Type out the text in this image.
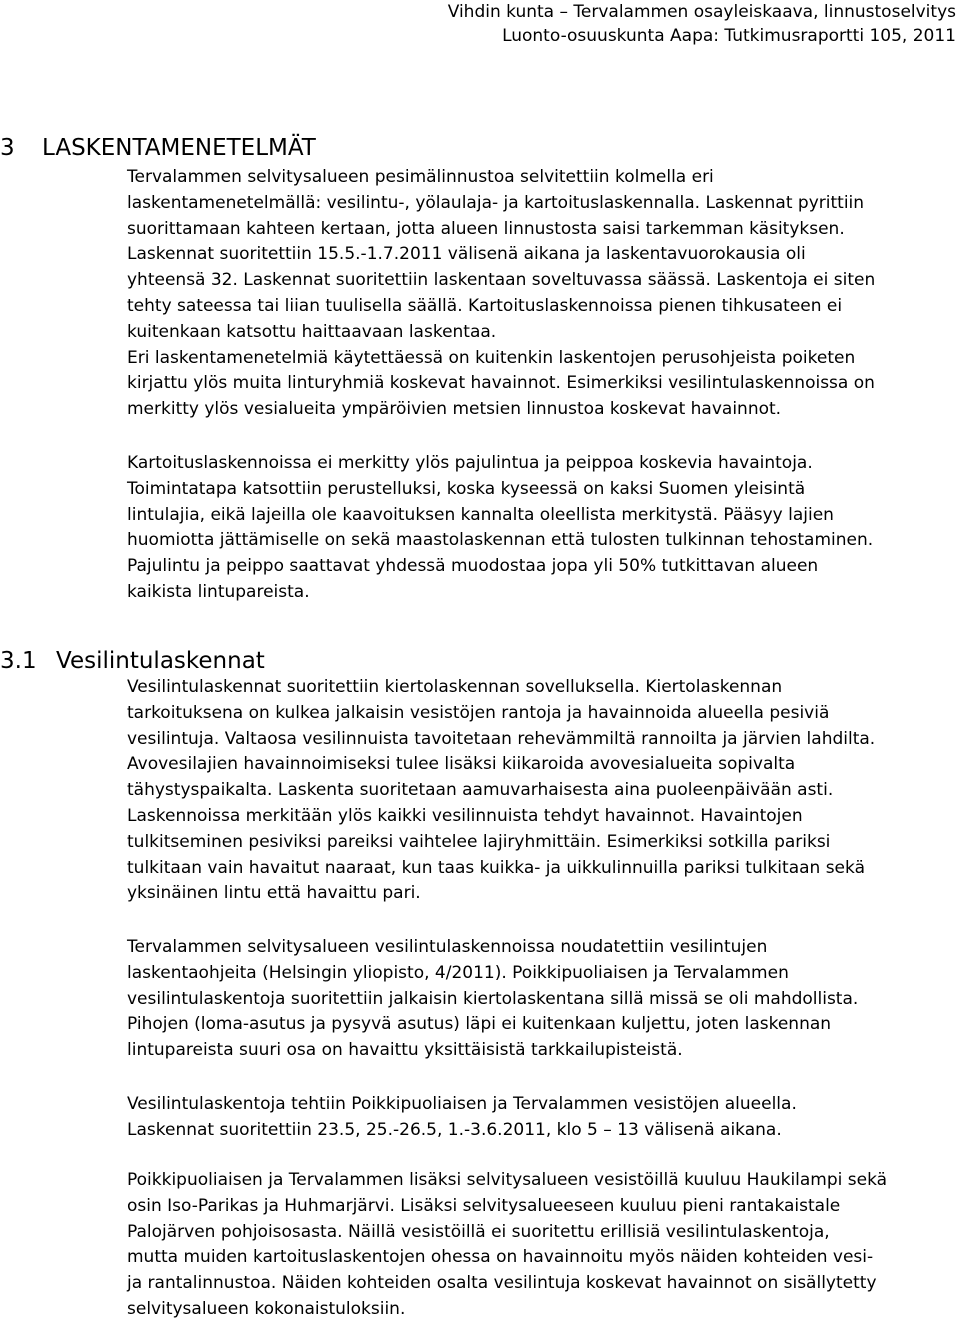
Vihdin kunta – Tervalammen osayleiskaava, linnustoselvitys
Luonto-osuuskunta Aapa: Tutkimusraportti 105, 2011
3 LASKENTAMENETELMÄT

Tervalammen selvitysalueen pesimälinnustoa selvitettiin kolmella eri
laskentamenetelmällä: vesilintu-, yölaulaja- ja kartoituslaskennalla. Laskennat pyrittiin
suorittamaan kahteen kertaan, jotta alueen linnustosta saisi tarkemman käsityksen.
Laskennat suoritettiin 15.5.-1.7.2011 välisenä aikana ja laskentavuorokausia oli
yhteensä 32. Laskennat suoritettiin laskentaan soveltuvassa säässä. Laskentoja ei siten
tehty sateessa tai liian tuulisella säällä. Kartoituslaskennoissa pienen tihkusateen ei
kuitenkaan katsottu haittaavaan laskentaa.
Eri laskentamenetelmiä käytettäessä on kuitenkin laskentojen perusohjeista poiketen
kirjattu ylös muita linturyhmiä koskevat havainnot. Esimerkiksi vesilintulaskennoissa on
merkitty ylös vesialueita ympäröivien metsien linnustoa koskevat havainnot.

Kartoituslaskennoissa ei merkitty ylös pajulintua ja peippoa koskevia havaintoja.
Toimintatapa katsottiin perustelluksi, koska kyseessä on kaksi Suomen yleisintä
lintulajia, eikä lajeilla ole kaavoituksen kannalta oleellista merkitystä. Pääsyy lajien
huomiotta jättämiselle on sekä maastolaskennan että tulosten tulkinnan tehostaminen.
Pajulintu ja peippo saattavat yhdessä muodostaa jopa yli 50% tutkittavan alueen
kaikista lintupareista.

3.1 Vesilintulaskennat

Vesilintulaskennat suoritettiin kiertolaskennan sovelluksella. Kiertolaskennan
tarkoituksena on kulkea jalkaisin vesistöjen rantoja ja havainnoida alueella pesiviä
vesilintuja. Valtaosa vesilinnuista tavoitetaan rehevämmiltä rannoilta ja järvien lahdilta.
Avovesilajien havainnoimiseksi tulee lisäksi kiikaroida avovesialueita sopivalta
tähystyspaikalta. Laskenta suoritetaan aamuvarhaisesta aina puoleenpäivään asti.
Laskennoissa merkitään ylös kaikki vesilinnuista tehdyt havainnot. Havaintojen
tulkitseminen pesiviksi pareiksi vaihtelee lajiryhmittäin. Esimerkiksi sotkilla pariksi
tulkitaan vain havaitut naaraat, kun taas kuikka- ja uikkulinnuilla pariksi tulkitaan sekä
yksinäinen lintu että havaittu pari.

Tervalammen selvitysalueen vesilintulaskennoissa noudatettiin vesilintujen
laskentaohjeita (Helsingin yliopisto, 4/2011). Poikkipuoliaisen ja Tervalammen
vesilintulaskentoja suoritettiin jalkaisin kiertolaskentana sillä missä se oli mahdollista.
Pihojen (loma-asutus ja pysyvä asutus) läpi ei kuitenkaan kuljettu, joten laskennan
lintupareista suuri osa on havaittu yksittäisistä tarkkailupisteistä.

Vesilintulaskentoja tehtiin Poikkipuoliaisen ja Tervalammen vesistöjen alueella.
Laskennat suoritettiin 23.5, 25.-26.5, 1.-3.6.2011, klo 5 – 13 välisenä aikana.

Poikkipuoliaisen ja Tervalammen lisäksi selvitysalueen vesistöillä kuuluu Haukilampi sekä
osin Iso-Parikas ja Huhmarjärvi. Lisäksi selvitysalueeseen kuuluu pieni rantakaistale
Palojärven pohjoisosasta. Näillä vesistöillä ei suoritettu erillisiä vesilintulaskentoja,
mutta muiden kartoituslaskentojen ohessa on havainnoitu myös näiden kohteiden vesi-
ja rantalinnustoa. Näiden kohteiden osalta vesilintuja koskevat havainnot on sisällytetty
selvitysalueen kokonaistuloksiin.
